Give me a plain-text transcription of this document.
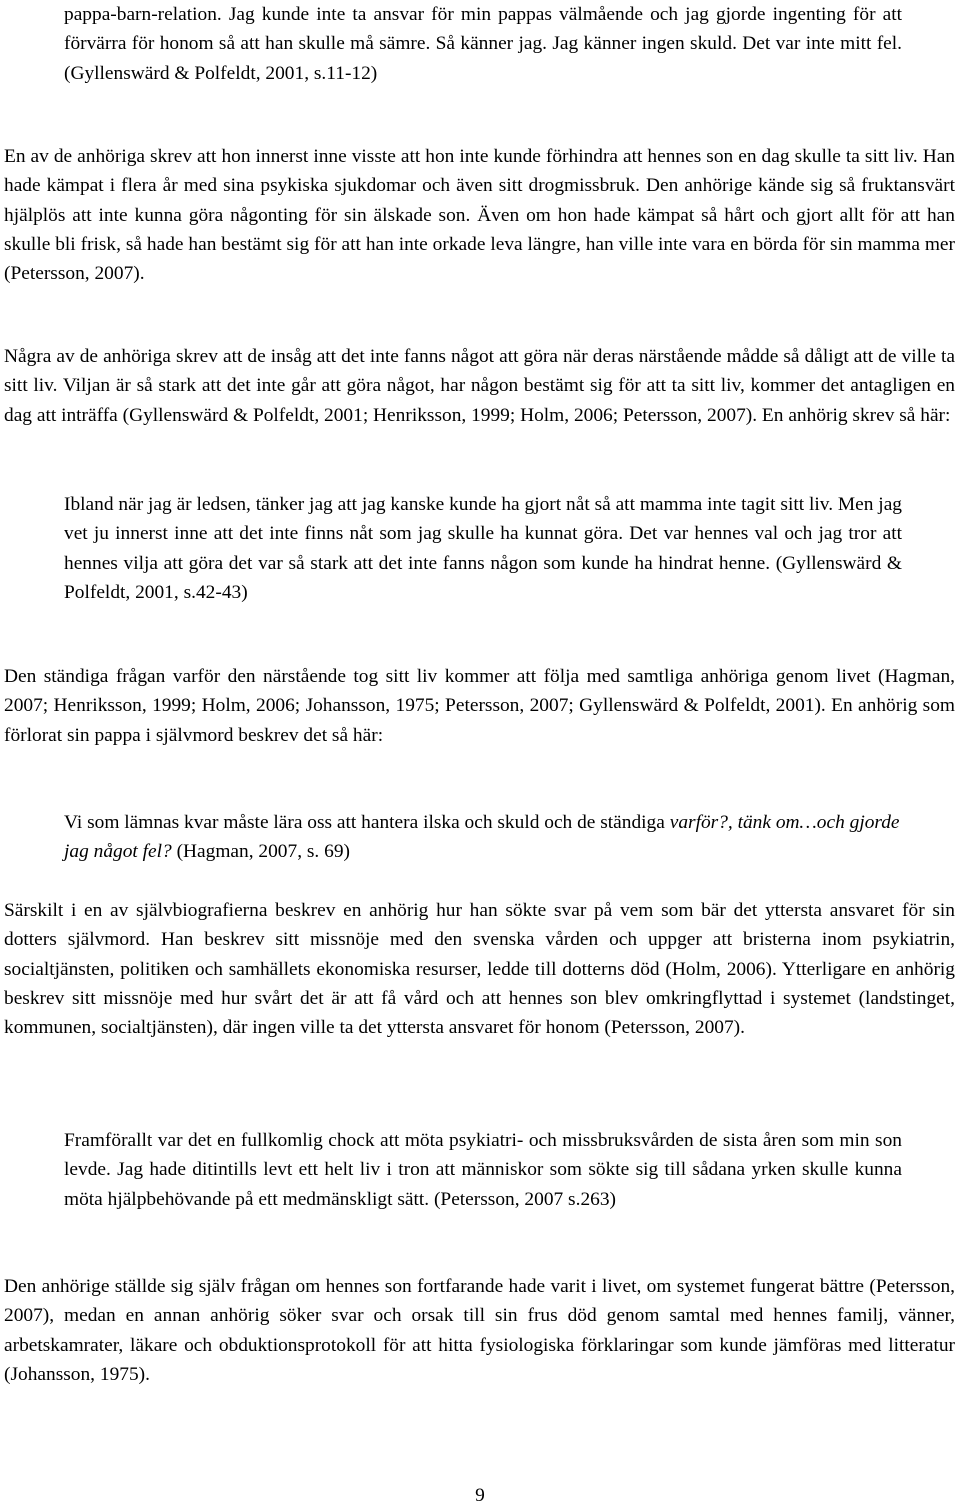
pappa-barn-relation. Jag kunde inte ta ansvar för min pappas välmående och jag gjorde ingenting för att förvärra för honom så att han skulle må sämre. Så känner jag. Jag känner ingen skuld. Det var inte mitt fel. (Gyllenswärd & Polfeldt, 2001, s.11-12)

En av de anhöriga skrev att hon innerst inne visste att hon inte kunde förhindra att hennes son en dag skulle ta sitt liv. Han hade kämpat i flera år med sina psykiska sjukdomar och även sitt drogmissbruk. Den anhörige kände sig så fruktansvärt hjälplös att inte kunna göra någonting för sin älskade son. Även om hon hade kämpat så hårt och gjort allt för att han skulle bli frisk, så hade han bestämt sig för att han inte orkade leva längre, han ville inte vara en börda för sin mamma mer (Petersson, 2007).

Några av de anhöriga skrev att de insåg att det inte fanns något att göra när deras närstående mådde så dåligt att de ville ta sitt liv. Viljan är så stark att det inte går att göra något, har någon bestämt sig för att ta sitt liv, kommer det antagligen en dag att inträffa (Gyllenswärd & Polfeldt, 2001; Henriksson, 1999; Holm, 2006; Petersson, 2007). En anhörig skrev så här:

Ibland när jag är ledsen, tänker jag att jag kanske kunde ha gjort nåt så att mamma inte tagit sitt liv. Men jag vet ju innerst inne att det inte finns nåt som jag skulle ha kunnat göra. Det var hennes val och jag tror att hennes vilja att göra det var så stark att det inte fanns någon som kunde ha hindrat henne. (Gyllenswärd & Polfeldt, 2001, s.42-43)

Den ständiga frågan varför den närstående tog sitt liv kommer att följa med samtliga anhöriga genom livet (Hagman, 2007; Henriksson, 1999; Holm, 2006; Johansson, 1975; Petersson, 2007; Gyllenswärd & Polfeldt, 2001). En anhörig som förlorat sin pappa i självmord beskrev det så här:

Vi som lämnas kvar måste lära oss att hantera ilska och skuld och de ständiga varför?, tänk om…och gjorde jag något fel? (Hagman, 2007, s. 69)

Särskilt i en av självbiografierna beskrev en anhörig hur han sökte svar på vem som bär det yttersta ansvaret för sin dotters självmord. Han beskrev sitt missnöje med den svenska vården och uppger att bristerna inom psykiatrin, socialtjänsten, politiken och samhällets ekonomiska resurser, ledde till dotterns död (Holm, 2006). Ytterligare en anhörig beskrev sitt missnöje med hur svårt det är att få vård och att hennes son blev omkringflyttad i systemet (landstinget, kommunen, socialtjänsten), där ingen ville ta det yttersta ansvaret för honom (Petersson, 2007).

Framförallt var det en fullkomlig chock att möta psykiatri- och missbruksvården de sista åren som min son levde. Jag hade ditintills levt ett helt liv i tron att människor som sökte sig till sådana yrken skulle kunna möta hjälpbehövande på ett medmänskligt sätt. (Petersson, 2007 s.263)

Den anhörige ställde sig själv frågan om hennes son fortfarande hade varit i livet, om systemet fungerat bättre (Petersson, 2007), medan en annan anhörig söker svar och orsak till sin frus död genom samtal med hennes familj, vänner, arbetskamrater, läkare och obduktionsprotokoll för att hitta fysiologiska förklaringar som kunde jämföras med litteratur (Johansson, 1975).

9
